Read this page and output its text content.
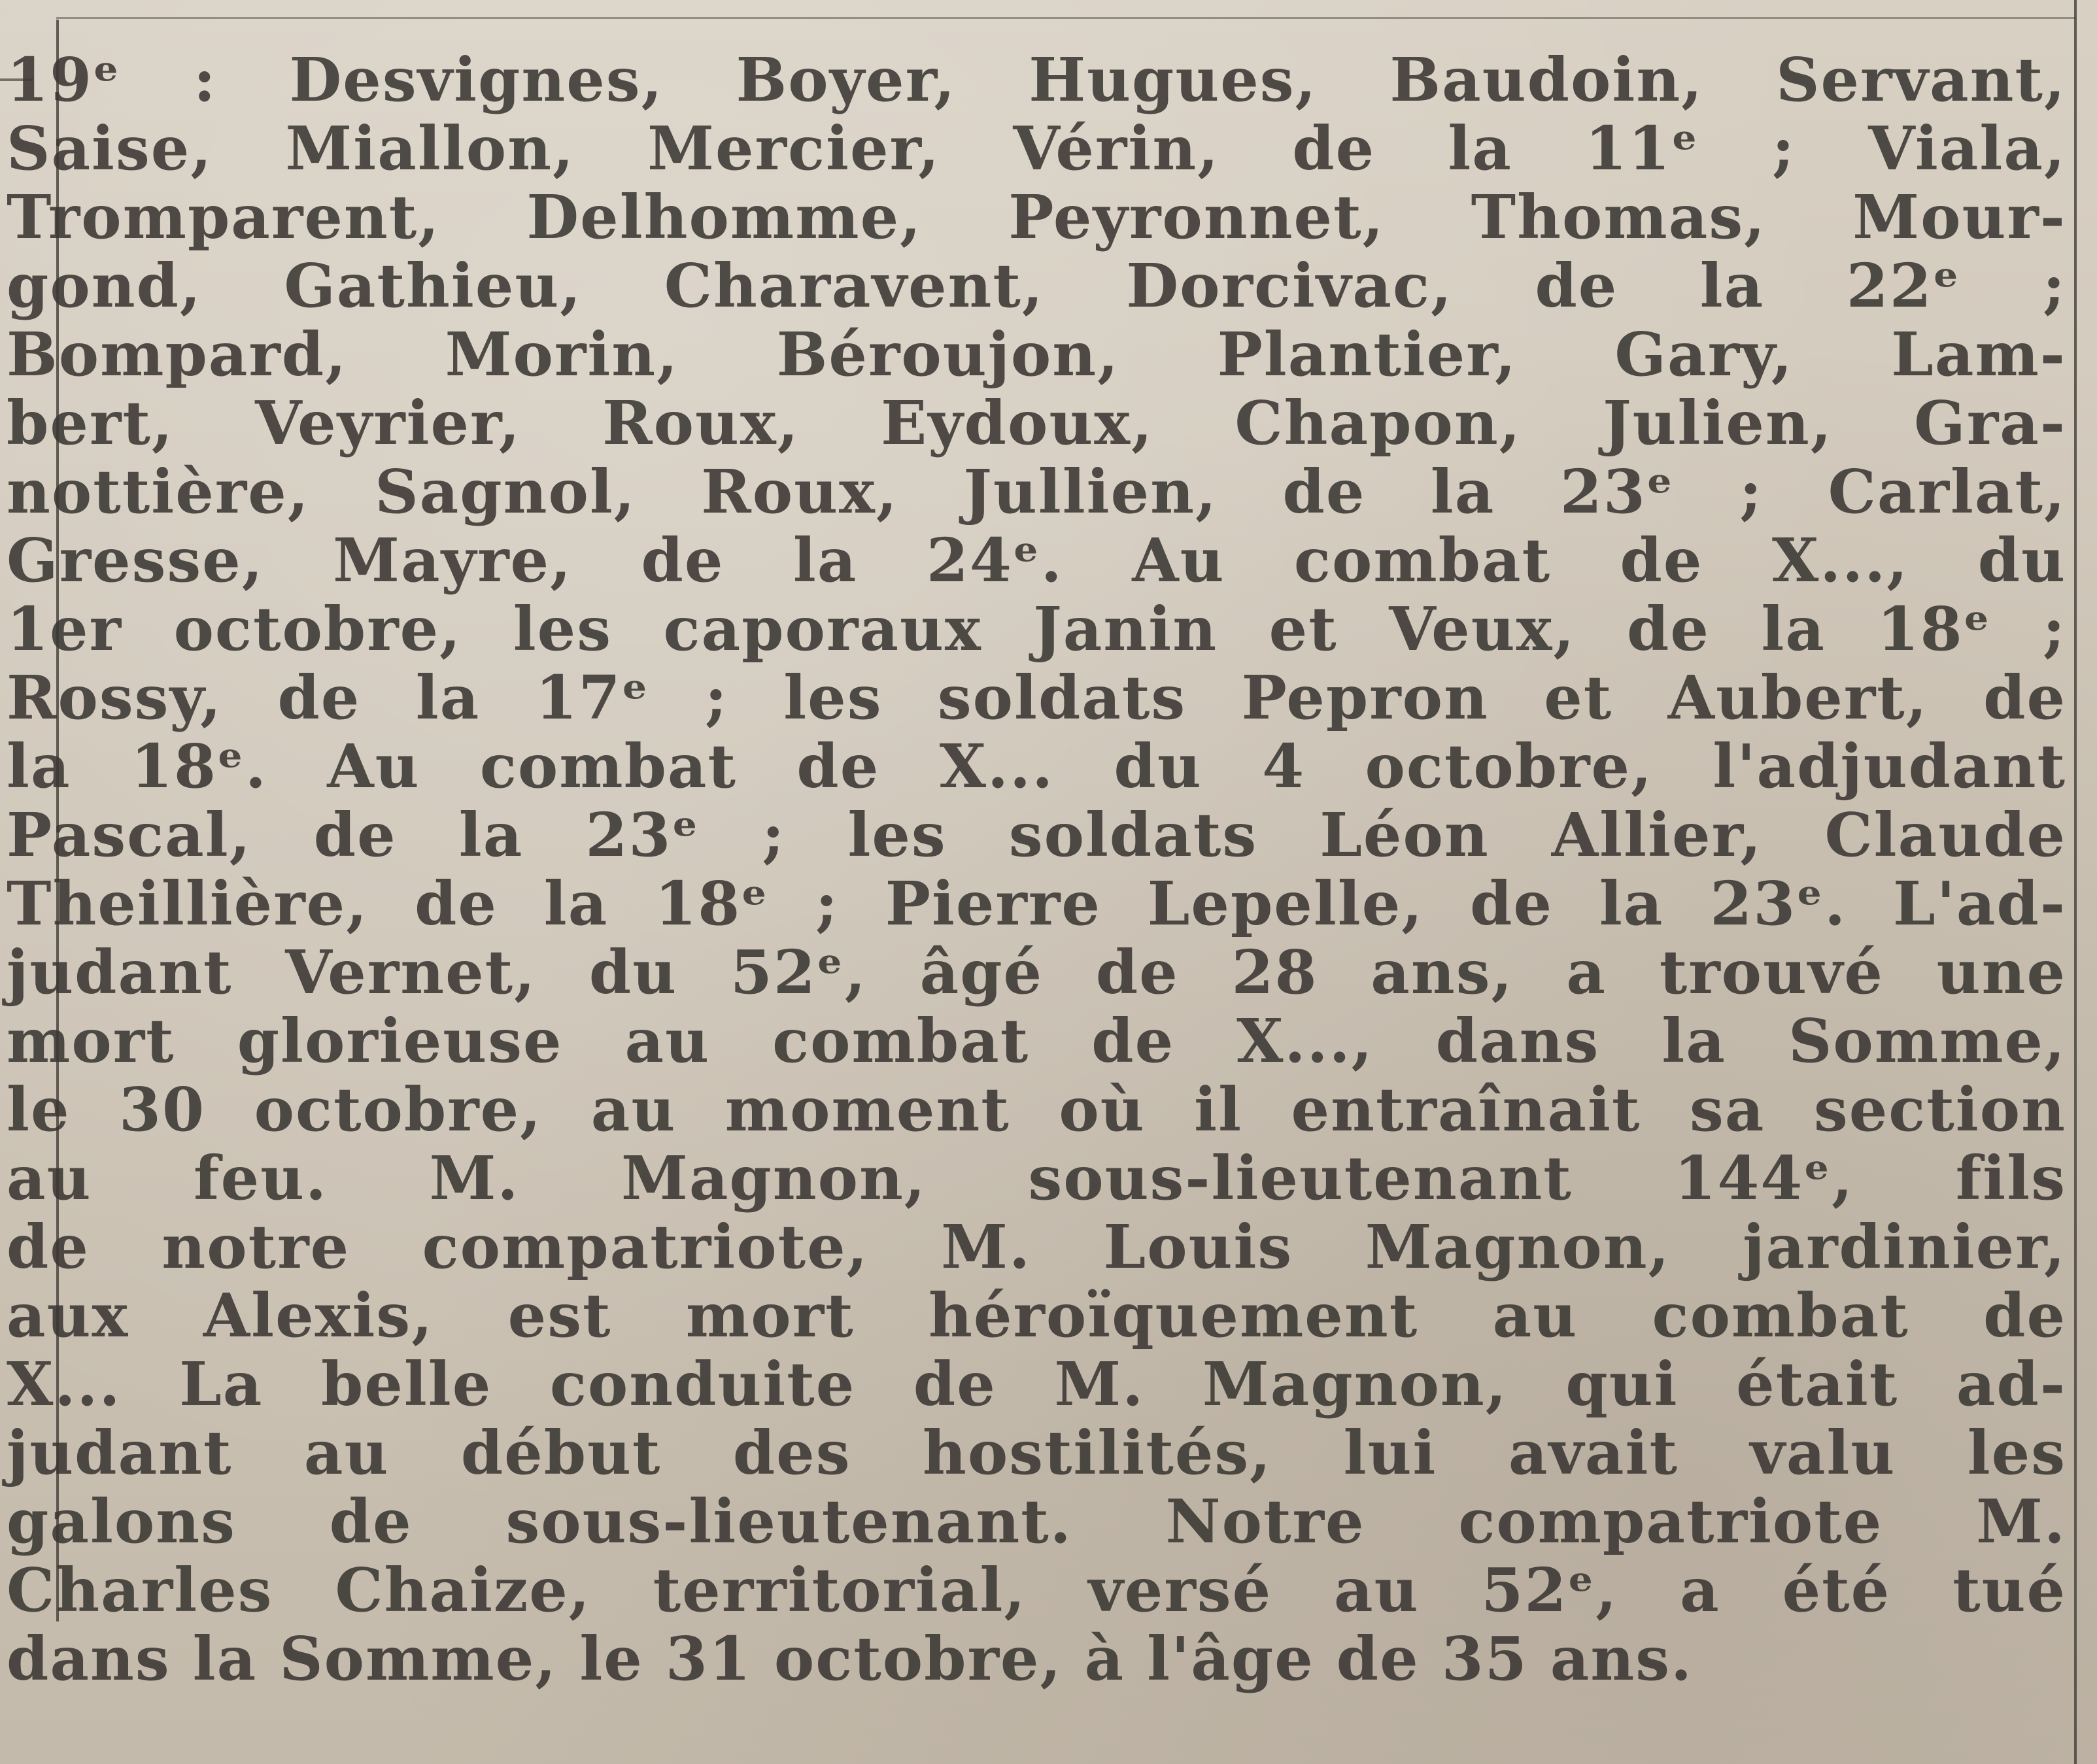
19ᵉ : Desvignes, Boyer, Hugues, Baudoin, Servant,
Saise, Miallon, Mercier, Vérin, de la 11ᵉ ; Viala,
Tromparent, Delhomme, Peyronnet, Thomas, Mour-
gond, Gathieu, Charavent, Dorcivac, de la 22ᵉ ;
Bompard, Morin, Béroujon, Plantier, Gary, Lam-
bert, Veyrier, Roux, Eydoux, Chapon, Julien, Gra-
nottière, Sagnol, Roux, Jullien, de la 23ᵉ ; Carlat,
Gresse, Mayre, de la 24ᵉ. Au combat de X..., du
1er octobre, les caporaux Janin et Veux, de la 18ᵉ ;
Rossy, de la 17ᵉ ; les soldats Pepron et Aubert, de
la 18ᵉ. Au combat de X... du 4 octobre, l'adjudant
Pascal, de la 23ᵉ ; les soldats Léon Allier, Claude
Theillière, de la 18ᵉ ; Pierre Lepelle, de la 23ᵉ. L'ad-
judant Vernet, du 52ᵉ, âgé de 28 ans, a trouvé une
mort glorieuse au combat de X..., dans la Somme,
le 30 octobre, au moment où il entraînait sa section
au feu. M. Magnon, sous-lieutenant 144ᵉ, fils
de notre compatriote, M. Louis Magnon, jardinier,
aux Alexis, est mort héroïquement au combat de
X... La belle conduite de M. Magnon, qui était ad-
judant au début des hostilités, lui avait valu les
galons de sous-lieutenant. Notre compatriote M.
Charles Chaize, territorial, versé au 52ᵉ, a été tué
dans la Somme, le 31 octobre, à l'âge de 35 ans.
